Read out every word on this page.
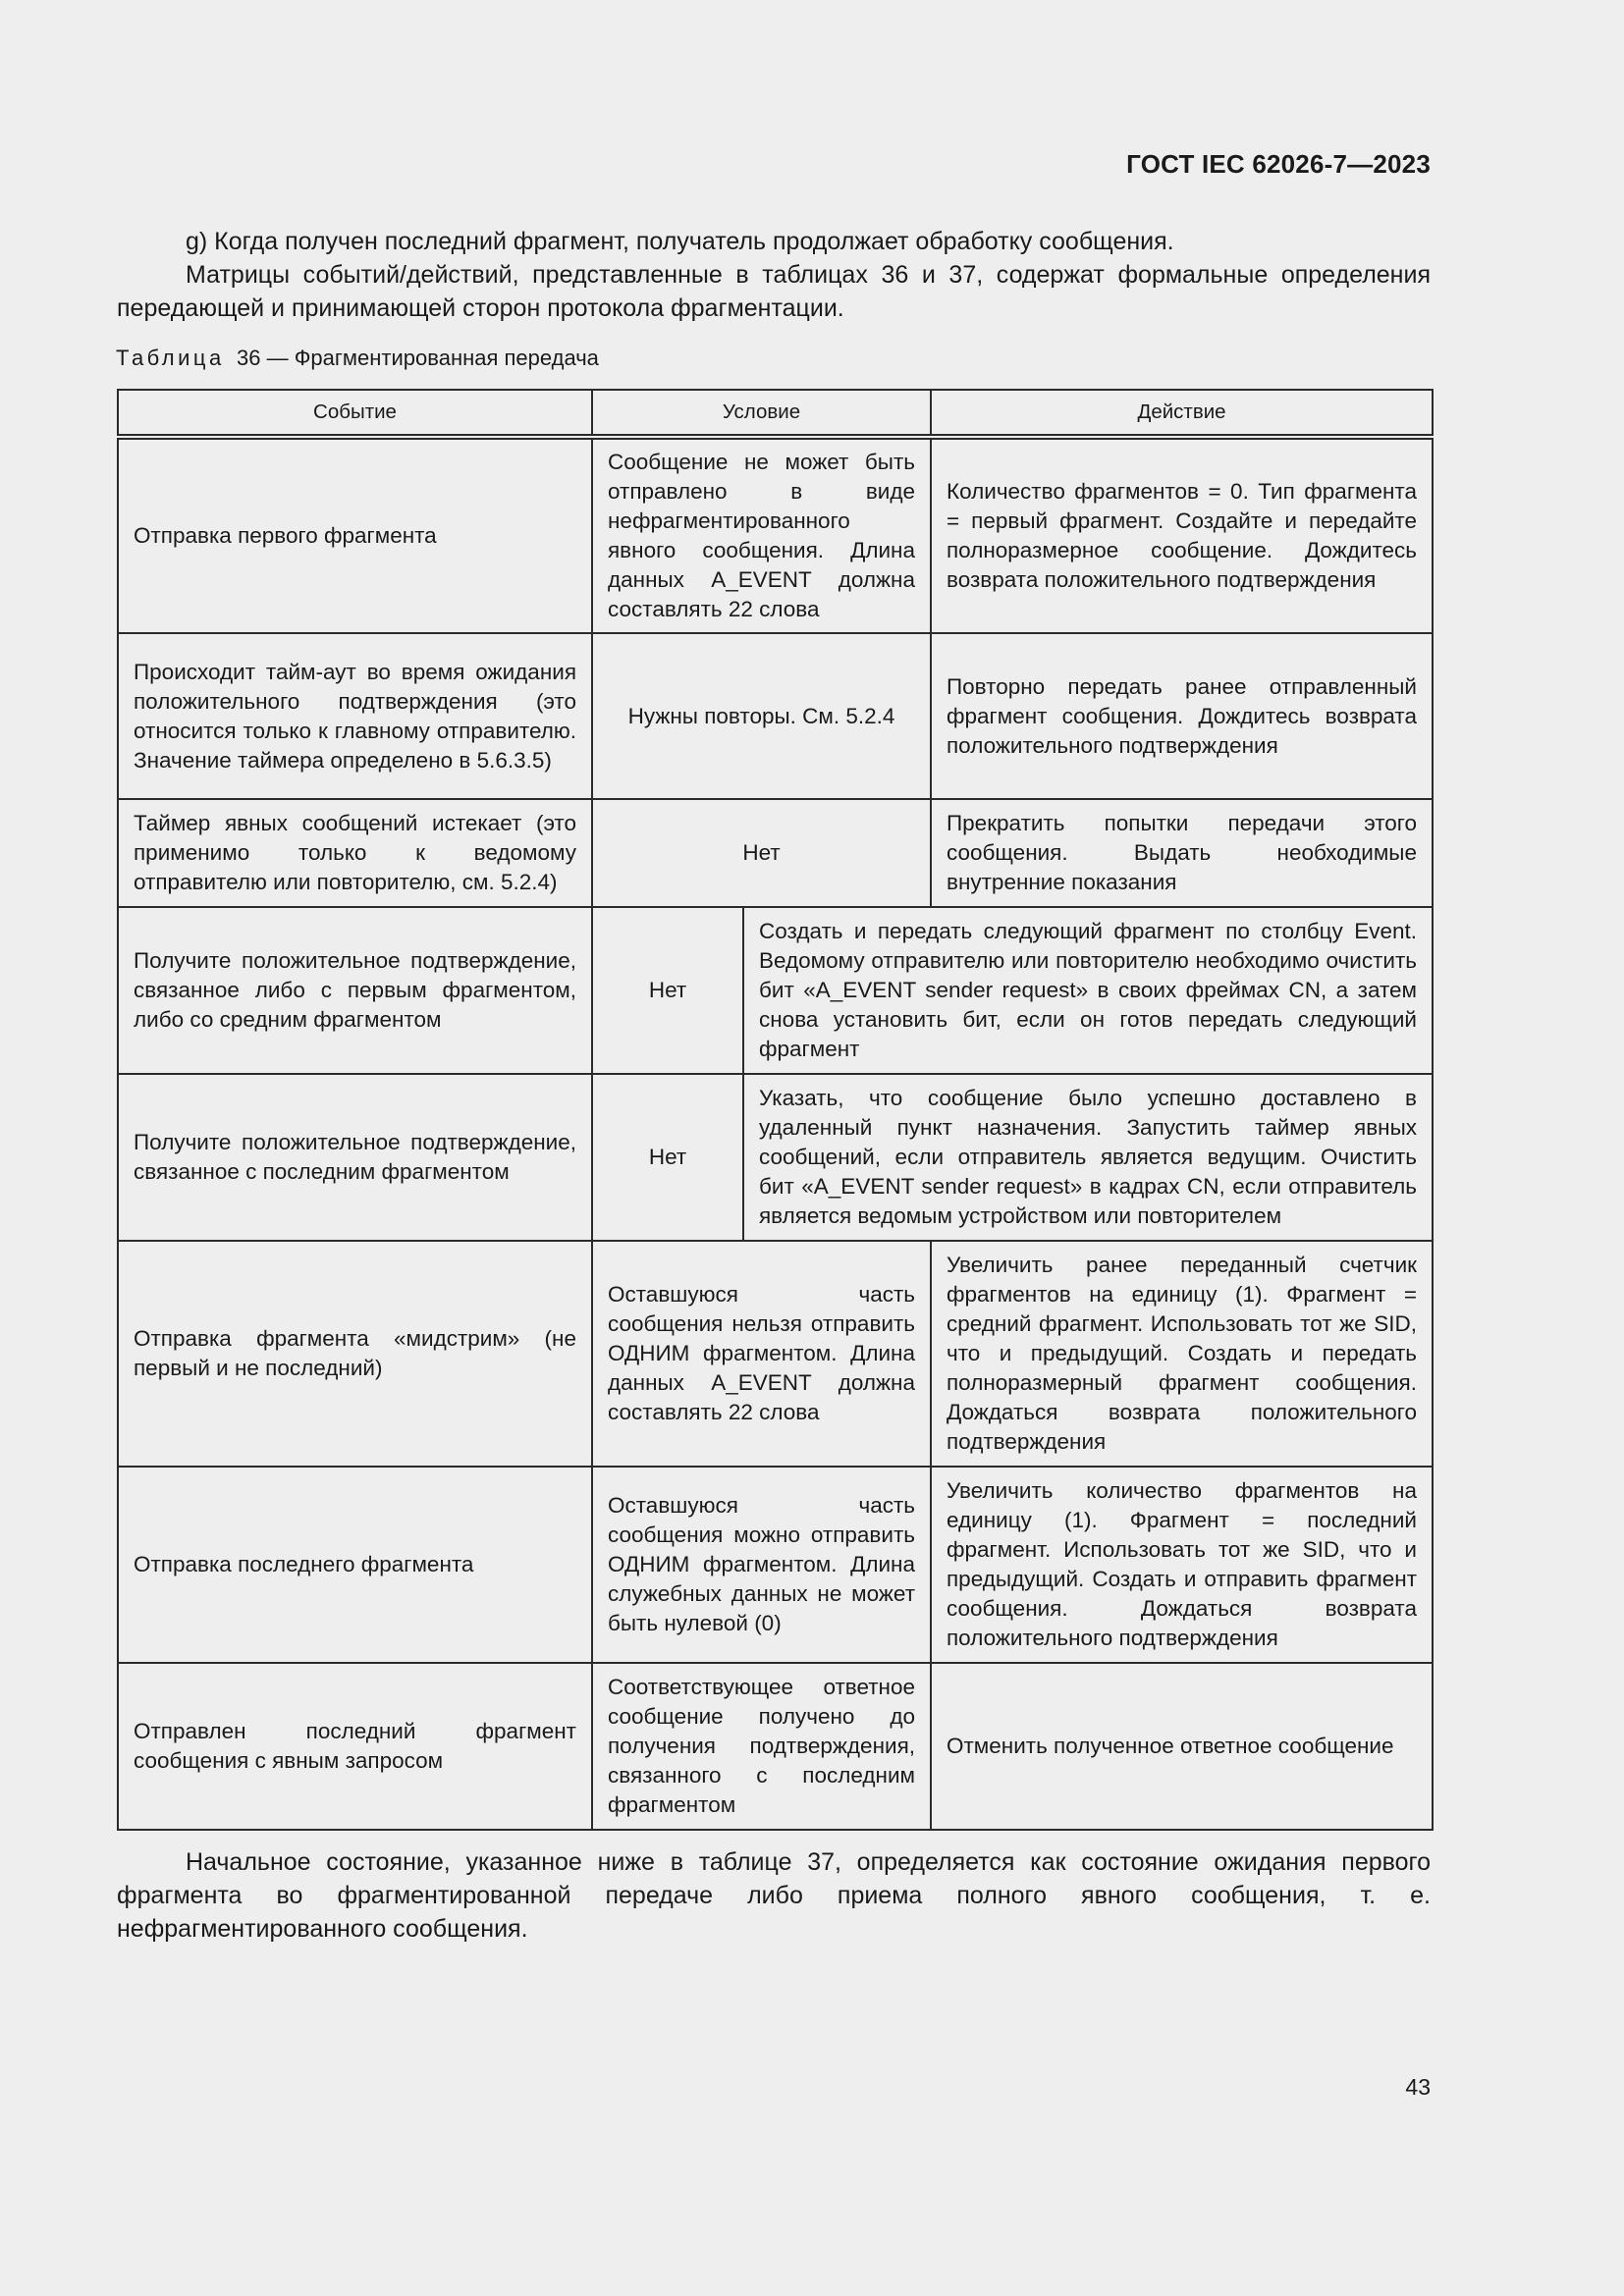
ГОСТ IEC 62026-7—2023
g) Когда получен последний фрагмент, получатель продолжает обработку сообщения.
Матрицы событий/действий, представленные в таблицах 36 и 37, содержат формальные определения передающей и принимающей сторон протокола фрагментации.
Таблица 36 — Фрагментированная передача
Событие	Условие		Действие
Отправка первого фрагмента	Сообщение не может быть отправлено в виде нефрагментированного явного сообщения. Длина данных A_EVENT должна составлять 22 слова		Количество фрагментов = 0. Тип фрагмента = первый фрагмент. Создайте и передайте полноразмерное сообщение. Дождитесь возврата положительного подтверждения
Происходит тайм-аут во время ожидания положительного подтверждения (это относится только к главному отправителю. Значение таймера определено в 5.6.3.5)	Нужны повторы. См. 5.2.4		Повторно передать ранее отправленный фрагмент сообщения. Дождитесь возврата положительного подтверждения
Таймер явных сообщений истекает (это применимо только к ведомому отправителю или повторителю, см. 5.2.4)	Нет		Прекратить попытки передачи этого сообщения. Выдать необходимые внутренние показания
Получите положительное подтверждение, связанное либо с первым фрагментом, либо со средним фрагментом	Нет	Создать и передать следующий фрагмент по столбцу Event. Ведомому отправителю или повторителю необходимо очистить бит «A_EVENT sender request» в своих фреймах CN, а затем снова установить бит, если он готов передать следующий фрагмент	
Получите положительное подтверждение, связанное с последним фрагментом	Нет	Указать, что сообщение было успешно доставлено в удаленный пункт назначения. Запустить таймер явных сообщений, если отправитель является ведущим. Очистить бит «A_EVENT sender request» в кадрах CN, если отправитель является ведомым устройством или повторителем	
Отправка фрагмента «мидстрим» (не первый и не последний)	Оставшуюся часть сообщения нельзя отправить ОДНИМ фрагментом. Длина данных A_EVENT должна составлять 22 слова		Увеличить ранее переданный счетчик фрагментов на единицу (1). Фрагмент = средний фрагмент. Использовать тот же SID, что и предыдущий. Создать и передать полноразмерный фрагмент сообщения. Дождаться возврата положительного подтверждения
Отправка последнего фрагмента	Оставшуюся часть сообщения можно отправить ОДНИМ фрагментом. Длина служебных данных не может быть нулевой (0)		Увеличить количество фрагментов на единицу (1). Фрагмент = последний фрагмент. Использовать тот же SID, что и предыдущий. Создать и отправить фрагмент сообщения. Дождаться возврата положительного подтверждения
Отправлен последний фрагмент сообщения с явным запросом	Соответствующее ответное сообщение получено до получения подтверждения, связанного с последним фрагментом		Отменить полученное ответное сообщение
Начальное состояние, указанное ниже в таблице 37, определяется как состояние ожидания первого фрагмента во фрагментированной передаче либо приема полного явного сообщения, т. е. нефрагментированного сообщения.
43
